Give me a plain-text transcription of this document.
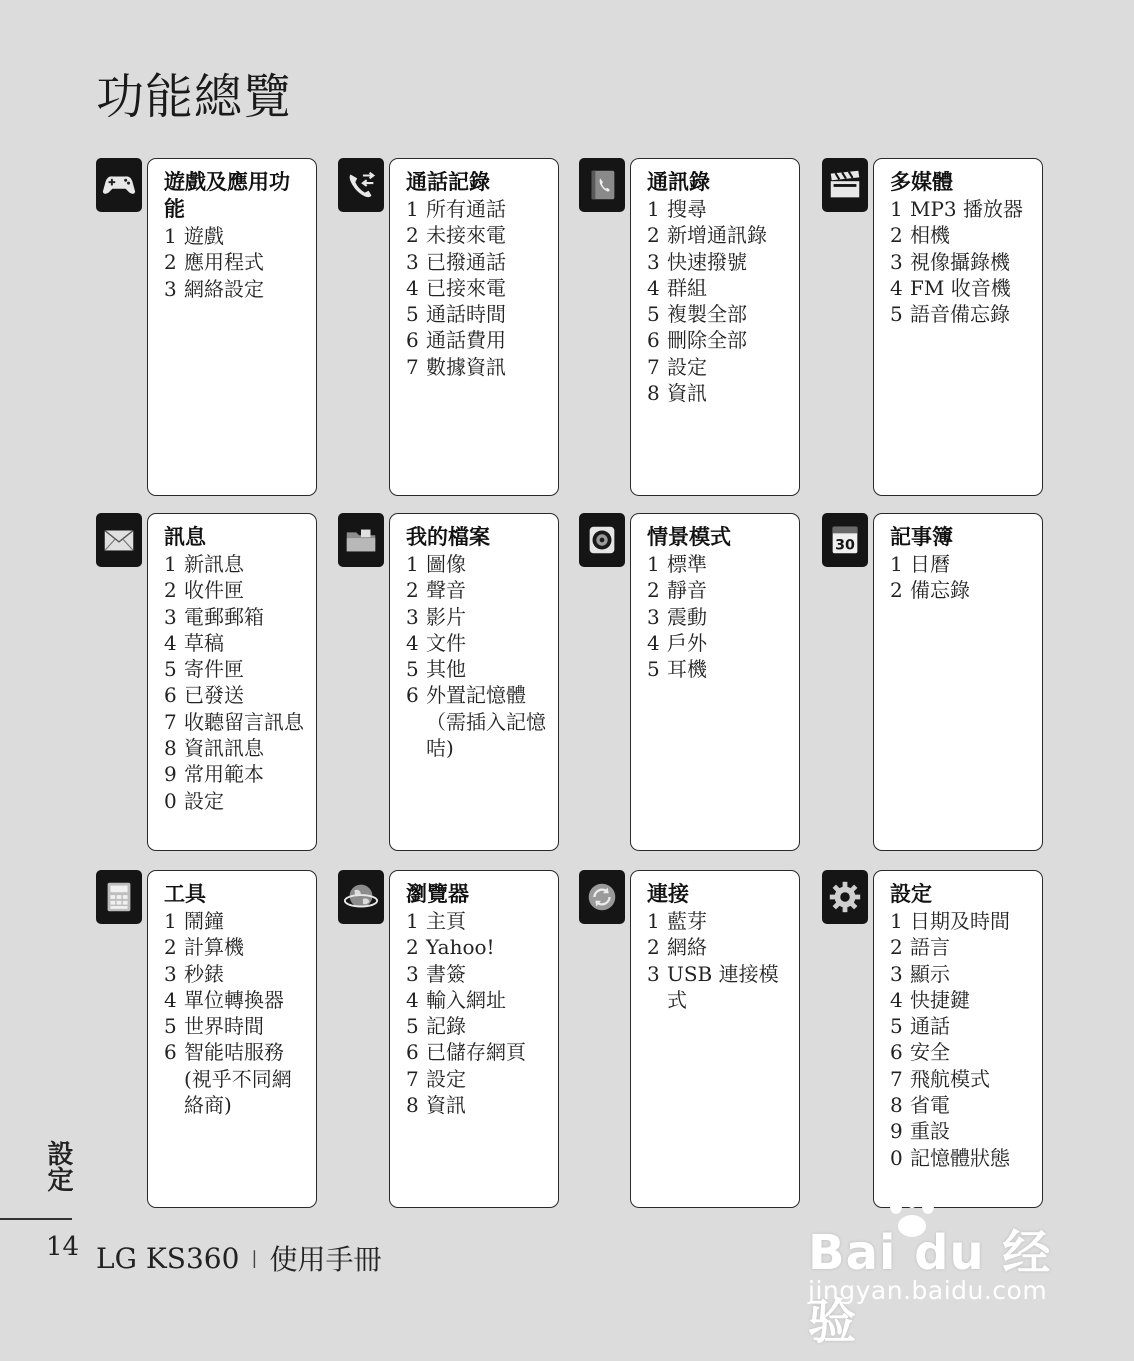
功能總覽
遊戲及應用功能
1 遊戲
2 應用程式
3 網絡設定
通話記錄
1 所有通話
2 未接來電
3 已撥通話
4 已接來電
5 通話時間
6 通話費用
7 數據資訊
通訊錄
1 搜尋
2 新增通訊錄
3 快速撥號
4 群組
5 複製全部
6 刪除全部
7 設定
8 資訊
多媒體
1 MP3 播放器
2 相機
3 視像攝錄機
4 FM 收音機
5 語音備忘錄
訊息
1 新訊息
2 收件匣
3 電郵郵箱
4 草稿
5 寄件匣
6 已發送
7 收聽留言訊息
8 資訊訊息
9 常用範本
0 設定
我的檔案
1 圖像
2 聲音
3 影片
4 文件
5 其他
6 外置記憶體（需插入記憶咭)
情景模式
1 標準
2 靜音
3 震動
4 戶外
5 耳機
30 記事簿
1 日曆
2 備忘錄
工具
1 鬧鐘
2 計算機
3 秒錶
4 單位轉換器
5 世界時間
6 智能咭服務(視乎不同網絡商)
瀏覽器
1 主頁
2 Yahoo!
3 書簽
4 輸入網址
5 記錄
6 已儲存網頁
7 設定
8 資訊
連接
1 藍芽
2 網絡
3 USB 連接模式
設定
1 日期及時間
2 語言
3 顯示
4 快捷鍵
5 通話
6 安全
7 飛航模式
8 省電
9 重設
0 記憶體狀態
設定
14 LG KS360 | 使用手冊	Bai du 经验
jingyan.baidu.com
